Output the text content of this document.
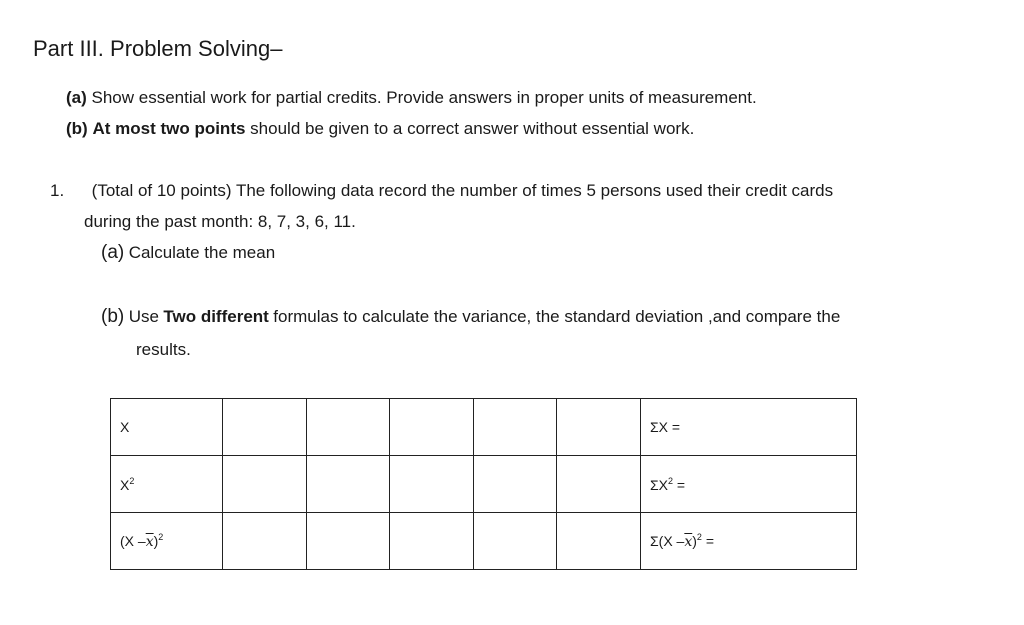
Part III. Problem Solving–
(a) Show essential work for partial credits. Provide answers in proper units of measurement.
(b) At most two points should be given to a correct answer without essential work.
1. (Total of 10 points) The following data record the number of times 5 persons used their credit cards
during the past month: 8, 7, 3, 6, 11.
(a) Calculate the mean
(b) Use Two different formulas to calculate the variance, the standard deviation ,and compare the
results.
X						ΣX =
$X^2$						$\Sigma X^2$ =
(X $-\overline{x})^2$						Σ(X $-\overline{x})^2$ =
